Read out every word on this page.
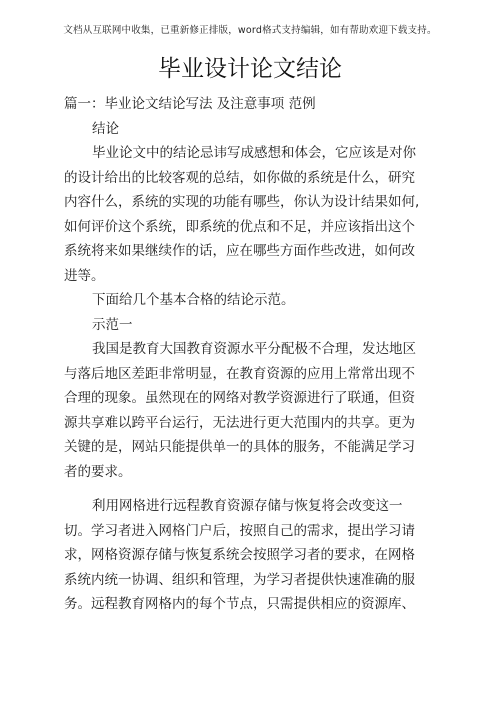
文档从互联网中收集，已重新修正排版，word格式支持编辑，如有帮助欢迎下载支持。
毕业设计论文结论
篇一：毕业论文结论写法 及注意事项 范例
结论
毕业论文中的结论忌讳写成感想和体会，它应该是对你
的设计给出的比较客观的总结，如你做的系统是什么，研究
内容什么，系统的实现的功能有哪些，你认为设计结果如何,
如何评价这个系统，即系统的优点和不足，并应该指出这个
系统将来如果继续作的话，应在哪些方面作些改进，如何改
进等。
下面给几个基本合格的结论示范。
示范一
我国是教育大国教育资源水平分配极不合理，发达地区
与落后地区差距非常明显，在教育资源的应用上常常出现不
合理的现象。虽然现在的网络对教学资源进行了联通，但资
源共享难以跨平台运行，无法进行更大范围内的共享。更为
关键的是，网站只能提供单一的具体的服务，不能满足学习
者的要求。
利用网格进行远程教育资源存储与恢复将会改变这一
切。学习者进入网格门户后，按照自己的需求，提出学习请
求，网格资源存储与恢复系统会按照学习者的要求，在网格
系统内统一协调、组织和管理，为学习者提供快速准确的服
务。远程教育网格内的每个节点，只需提供相应的资源库、
